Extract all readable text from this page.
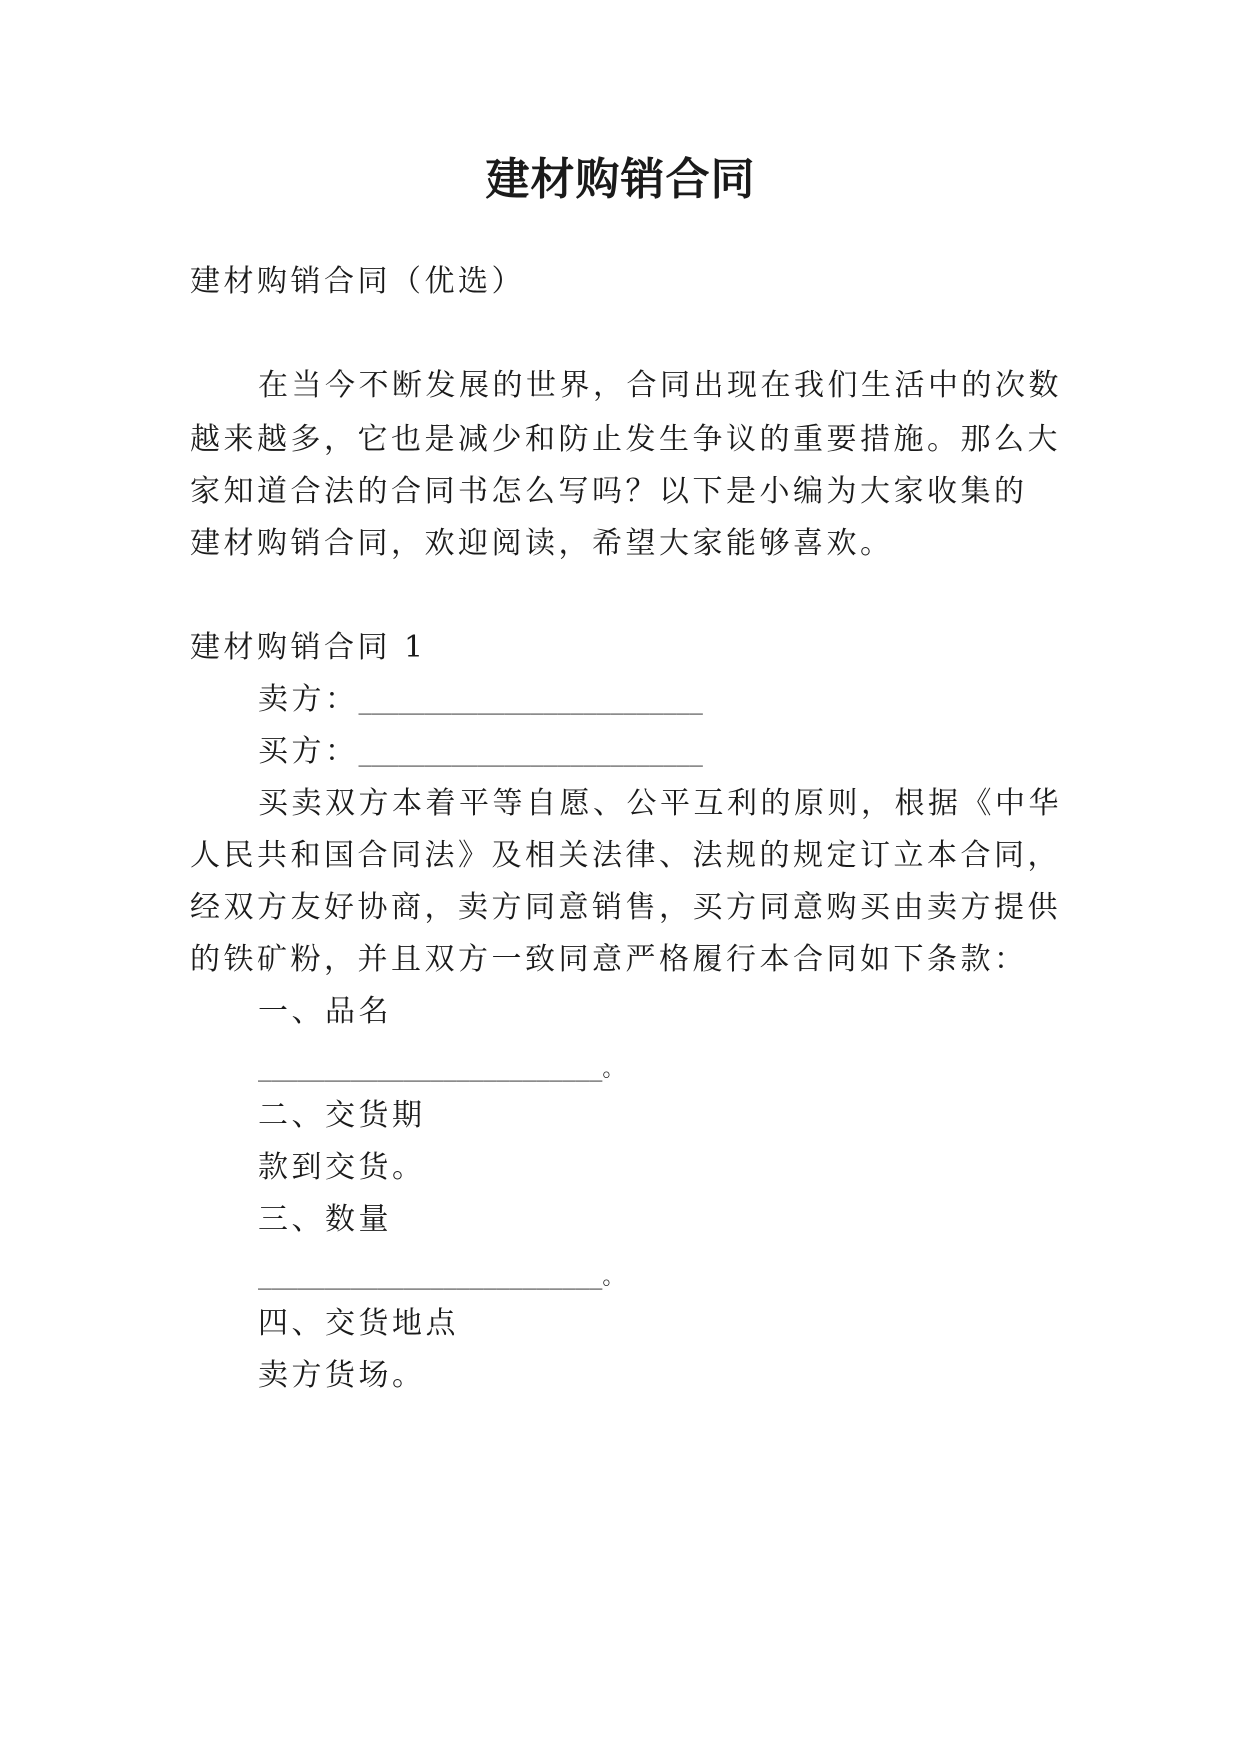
建材购销合同
建材购销合同（优选）
在当今不断发展的世界，合同出现在我们生活中的次数
越来越多，它也是减少和防止发生争议的重要措施。那么大
家知道合法的合同书怎么写吗？以下是小编为大家收集的
建材购销合同，欢迎阅读，希望大家能够喜欢。
建材购销合同 1
卖方：__________________________
买方：__________________________
买卖双方本着平等自愿、公平互利的原则，根据《中华
人民共和国合同法》及相关法律、法规的规定订立本合同，
经双方友好协商，卖方同意销售，买方同意购买由卖方提供
的铁矿粉，并且双方一致同意严格履行本合同如下条款：
一、品名
__________________________。
二、交货期
款到交货。
三、数量
__________________________。
四、交货地点
卖方货场。
